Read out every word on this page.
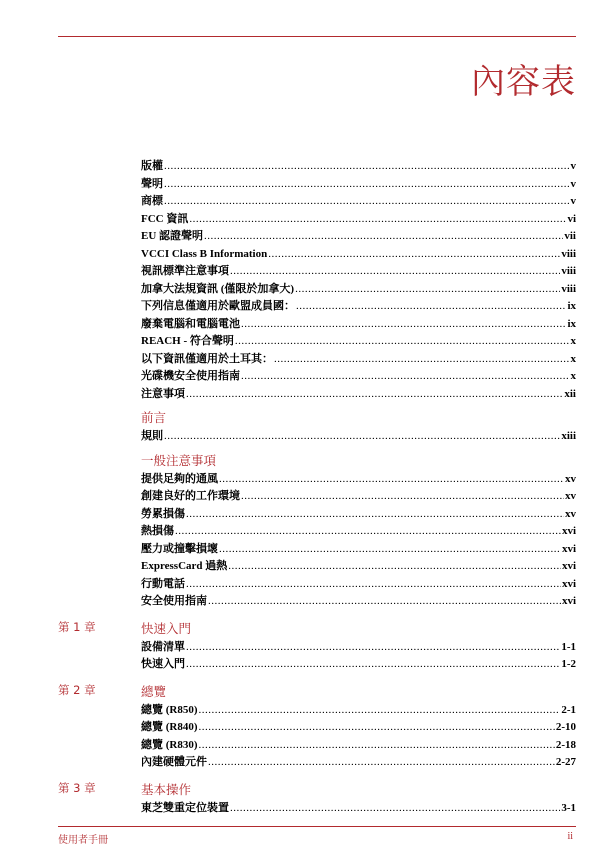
內容表
版權 .....	v
聲明 .....	v
商標 .....	v
FCC 資訊 .....	vi
EU 認證聲明 .....	vii
VCCI Class B Information .....	viii
視訊標準注意事項 .....	viii
加拿大法規資訊 (僅限於加拿大) .....	viii
下列信息僅適用於歐盟成員國： .....	ix
廢棄電腦和電腦電池 .....	ix
REACH - 符合聲明 .....	x
以下資訊僅適用於土耳其： .....	x
光碟機安全使用指南 .....	x
注意事項 .....	xii
前言
規則 .....	xiii
一般注意事項
提供足夠的通風 .....	xv
創建良好的工作環境 .....	xv
勞累損傷 .....	xv
熱損傷 .....	xvi
壓力或撞擊損壞 .....	xvi
ExpressCard 過熱 .....	xvi
行動電話 .....	xvi
安全使用指南 .....	xvi
第 1 章	快速入門
設備清單 .....	1-1
快速入門 .....	1-2
第 2 章	總覽
總覽 (R850) .....	2-1
總覽 (R840) .....	2-10
總覽 (R830) .....	2-18
內建硬體元件 .....	2-27
第 3 章	基本操作
東芝雙重定位裝置 .....	3-1
使用者手冊	ii
